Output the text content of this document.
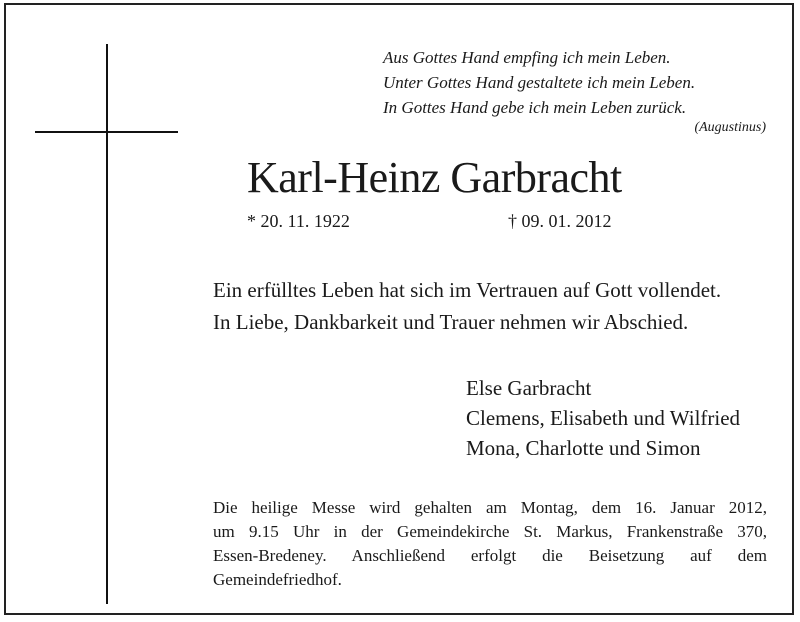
Aus Gottes Hand empfing ich mein Leben.
Unter Gottes Hand gestaltete ich mein Leben.
In Gottes Hand gebe ich mein Leben zurück.
(Augustinus)
Karl-Heinz Garbracht
* 20. 11. 1922	† 09. 01. 2012
Ein erfülltes Leben hat sich im Vertrauen auf Gott vollendet.
In Liebe, Dankbarkeit und Trauer nehmen wir Abschied.
Else Garbracht
Clemens, Elisabeth und Wilfried
Mona, Charlotte und Simon
Die heilige Messe wird gehalten am Montag, dem 16. Januar 2012,
um 9.15 Uhr in der Gemeindekirche St. Markus, Frankenstraße 370,
Essen-Bredeney. Anschließend erfolgt die Beisetzung auf dem
Gemeindefriedhof.
